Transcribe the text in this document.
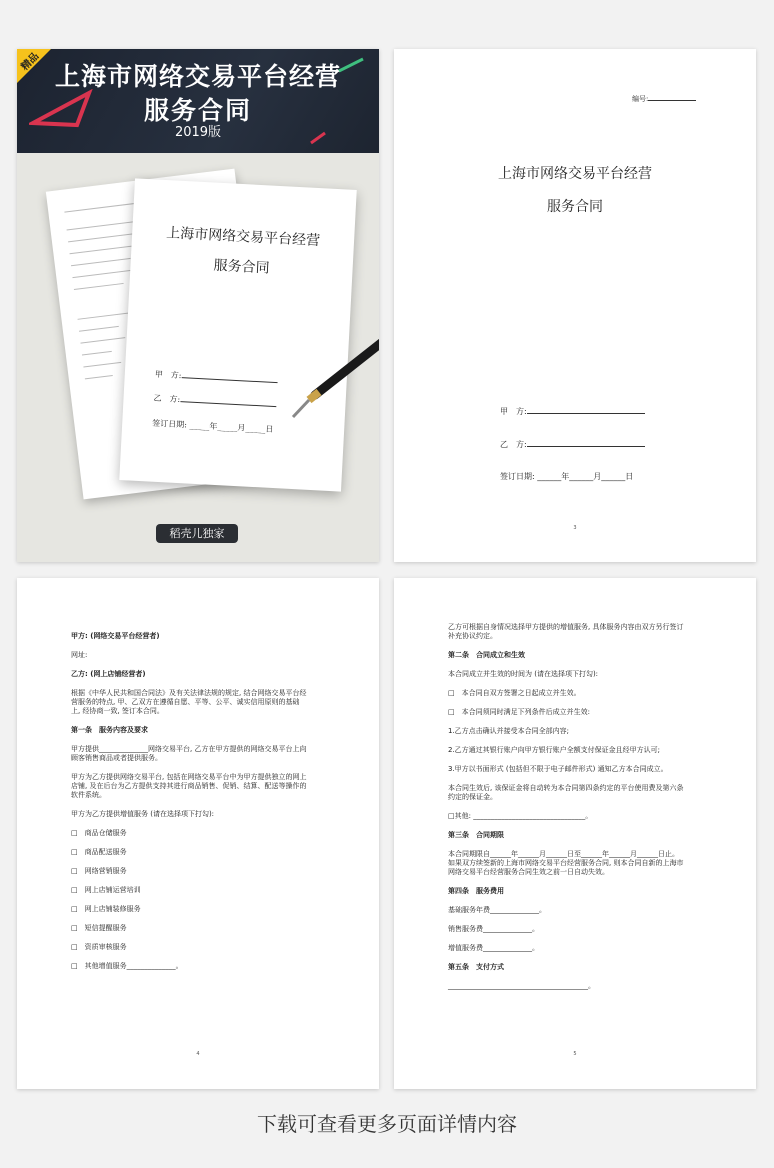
精品
上海市网络交易平台经营
服务合同
2019版
上海市网络交易平台经营
服务合同
甲　方:
乙　方:
签订日期: _____年_____月_____日
稻壳儿独家
编号:
上海市网络交易平台经营
服务合同
甲　方:
乙　方:
签订日期: ______年______月______日
3
甲方: (网络交易平台经营者)
网址:
乙方: (网上店铺经营者)
根据《中华人民共和国合同法》及有关法律法规的规定, 结合网络交易平台经
营服务的特点, 甲、乙双方在遵循自愿、平等、公平、诚实信用原则的基础
上, 经协商一致, 签订本合同。
第一条　服务内容及要求
甲方提供______________网络交易平台, 乙方在甲方提供的网络交易平台上向
顾客销售商品或者提供服务。
甲方为乙方提供网络交易平台, 包括在网络交易平台中为甲方提供独立的网上
店铺, 及在后台为乙方提供支持其进行商品销售、促销、结算、配送等操作的
软件系统。
甲方为乙方提供增值服务 (请在选择项下打勾):
□　商品仓储服务
□　商品配送服务
□　网络营销服务
□　网上店铺运营培训
□　网上店铺装修服务
□　短信提醒服务
□　资质审核服务
□　其他增值服务______________。
4
乙方可根据自身情况选择甲方提供的增值服务, 具体服务内容由双方另行签订
补充协议约定。
第二条　合同成立和生效
本合同成立并生效的时间为 (请在选择项下打勾):
□　本合同自双方签署之日起成立并生效。
□　本合同须同时满足下列条件后成立并生效:
1.乙方点击确认并接受本合同全部内容;
2.乙方通过其银行账户向甲方银行账户全额支付保证金且经甲方认可;
3.甲方以书面形式 (包括但不限于电子邮件形式) 通知乙方本合同成立。
本合同生效后, 该保证金将自动转为本合同第四条约定的平台使用费及第六条
约定的保证金。
□其他: ________________________________。
第三条　合同期限
本合同期限自______年______月______日至______年______月______日止。
如果双方续签新的上海市网络交易平台经营服务合同, 则本合同自新的上海市
网络交易平台经营服务合同生效之前一日自动失效。
第四条　服务费用
基础服务年费______________。
销售服务费______________。
增值服务费______________。
第五条　支付方式
________________________________________。
5
下载可查看更多页面详情内容
